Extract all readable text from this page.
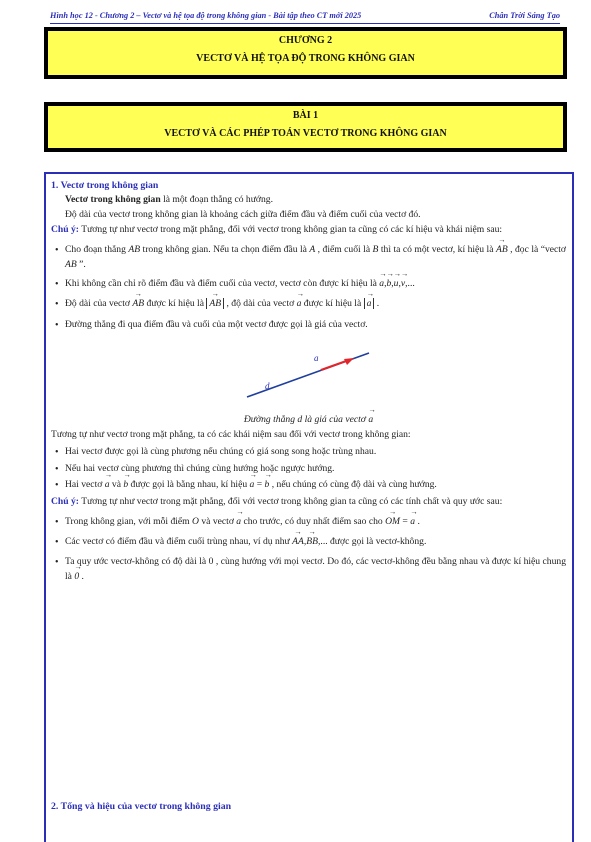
Hình học 12 - Chương 2 – Vectơ và hệ tọa độ trong không gian - Bài tập theo CT mới 2025	Chân Trời Sáng Tạo
CHƯƠNG 2
VECTƠ VÀ HỆ TỌA ĐỘ TRONG KHÔNG GIAN
BÀI 1
VECTƠ VÀ CÁC PHÉP TOÁN VECTƠ TRONG KHÔNG GIAN
1. Vectơ trong không gian
Vectơ trong không gian là một đoạn thẳng có hướng.
Độ dài của vectơ trong không gian là khoảng cách giữa điểm đầu và điểm cuối của vectơ đó.
Chú ý: Tương tự như vectơ trong mặt phẳng, đối với vectơ trong không gian ta cũng có các kí hiệu và khái niệm sau:
• Cho đoạn thẳng AB trong không gian. Nếu ta chọn điểm đầu là A , điểm cuối là B thì ta có một vectơ, kí hiệu là AB → , đọc là “vectơ AB ”.
• Khi không cần chỉ rõ điểm đầu và điểm cuối của vectơ, vectơ còn được kí hiệu là a →,b →,u →,v →,...
• Độ dài của vectơ AB → được kí hiệu là AB → , độ dài của vectơ a → được kí hiệu là a → .
• Đường thẳng đi qua điểm đầu và cuối của một vectơ được gọi là giá của vectơ.
d
a
Đường thẳng d là giá của vectơ a →
Tương tự như vectơ trong mặt phẳng, ta có các khái niệm sau đối với vectơ trong không gian:
• Hai vectơ được gọi là cùng phương nếu chúng có giá song song hoặc trùng nhau.
• Nếu hai vectơ cùng phương thì chúng cùng hướng hoặc ngược hướng.
• Hai vectơ a → và b → được gọi là bằng nhau, kí hiệu a → = b → , nếu chúng có cùng độ dài và cùng hướng.
Chú ý: Tương tự như vectơ trong mặt phẳng, đối với vectơ trong không gian ta cũng có các tính chất và quy ước sau:
• Trong không gian, với mỗi điểm O và vectơ a → cho trước, có duy nhất điểm sao cho OM → = a → .
• Các vectơ có điểm đầu và điểm cuối trùng nhau, ví dụ như AA →,BB →,... được gọi là vectơ-không.
• Ta quy ước vectơ-không có độ dài là 0 , cùng hướng với mọi vectơ. Do đó, các vectơ-không đều bằng nhau và được kí hiệu chung là 0 → .
2. Tổng và hiệu của vectơ trong không gian
